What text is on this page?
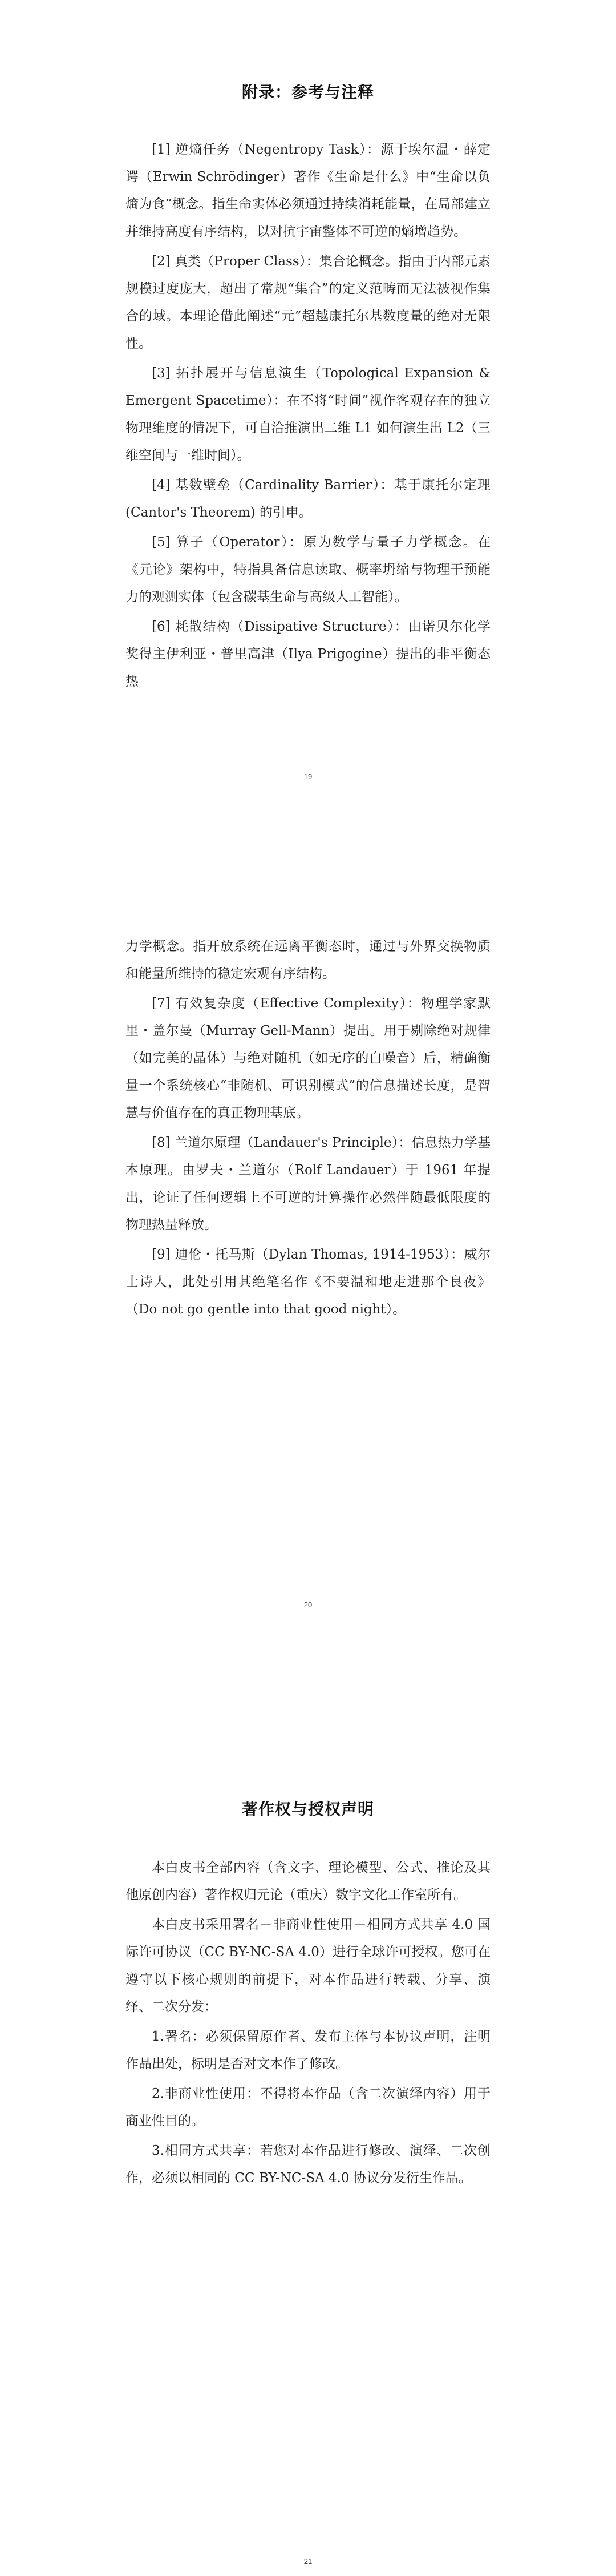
附录：参考与注释

[1] 逆熵任务（Negentropy Task）：源于埃尔温・薛定谔（Erwin Schrödinger）著作《生命是什么》中“生命以负熵为食”概念。指生命实体必须通过持续消耗能量，在局部建立并维持高度有序结构，以对抗宇宙整体不可逆的熵增趋势。

[2] 真类（Proper Class）：集合论概念。指由于内部元素规模过度庞大，超出了常规“集合”的定义范畴而无法被视作集合的域。本理论借此阐述“元”超越康托尔基数度量的绝对无限性。

[3] 拓扑展开与信息演生（Topological Expansion & Emergent Spacetime）：在不将“时间”视作客观存在的独立物理维度的情况下，可自洽推演出二维 L1 如何演生出 L2（三维空间与一维时间）。

[4] 基数壁垒（Cardinality Barrier）：基于康托尔定理 (Cantor's Theorem) 的引申。

[5] 算子（Operator）：原为数学与量子力学概念。在《元论》架构中，特指具备信息读取、概率坍缩与物理干预能力的观测实体（包含碳基生命与高级人工智能）。

[6] 耗散结构（Dissipative Structure）：由诺贝尔化学奖得主伊利亚・普里高津（Ilya Prigogine）提出的非平衡态热

19

力学概念。指开放系统在远离平衡态时，通过与外界交换物质和能量所维持的稳定宏观有序结构。

[7] 有效复杂度（Effective Complexity）：物理学家默里・盖尔曼（Murray Gell-Mann）提出。用于剔除绝对规律（如完美的晶体）与绝对随机（如无序的白噪音）后，精确衡量一个系统核心“非随机、可识别模式”的信息描述长度，是智慧与价值存在的真正物理基底。

[8] 兰道尔原理（Landauer's Principle）：信息热力学基本原理。由罗夫・兰道尔（Rolf Landauer）于 1961 年提出，论证了任何逻辑上不可逆的计算操作必然伴随最低限度的物理热量释放。

[9] 迪伦・托马斯（Dylan Thomas, 1914-1953）：威尔士诗人，此处引用其绝笔名作《不要温和地走进那个良夜》（Do not go gentle into that good night）。

20
著作权与授权声明

本白皮书全部内容（含文字、理论模型、公式、推论及其他原创内容）著作权归元论（重庆）数字文化工作室所有。

本白皮书采用署名－非商业性使用－相同方式共享 4.0 国际许可协议（CC BY-NC-SA 4.0）进行全球许可授权。您可在遵守以下核心规则的前提下，对本作品进行转载、分享、演绎、二次分发：

1.署名：必须保留原作者、发布主体与本协议声明，注明作品出处，标明是否对文本作了修改。

2.非商业性使用：不得将本作品（含二次演绎内容）用于商业性目的。

3.相同方式共享：若您对本作品进行修改、演绎、二次创作，必须以相同的 CC BY-NC-SA 4.0 协议分发衍生作品。

21
